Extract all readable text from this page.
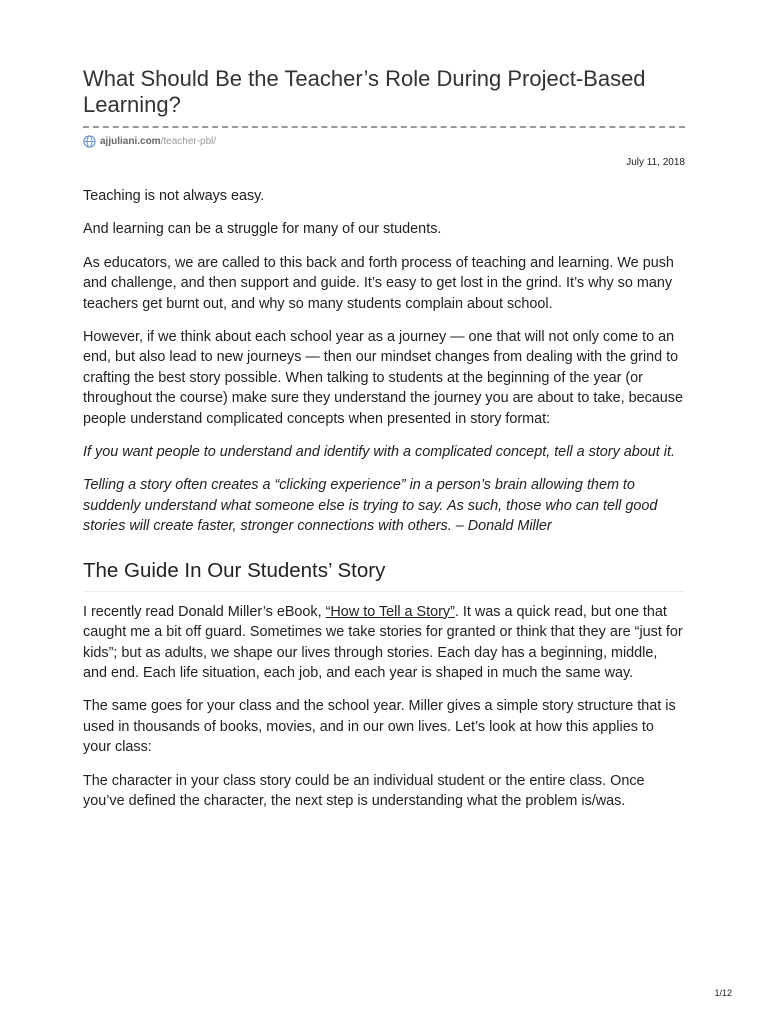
What Should Be the Teacher’s Role During Project-Based Learning?
ajjuliani.com /teacher-pbl/
July 11, 2018

Teaching is not always easy.

And learning can be a struggle for many of our students.

As educators, we are called to this back and forth process of teaching and learning. We push and challenge, and then support and guide. It’s easy to get lost in the grind. It’s why so many teachers get burnt out, and why so many students complain about school.

However, if we think about each school year as a journey — one that will not only come to an end, but also lead to new journeys — then our mindset changes from dealing with the grind to crafting the best story possible. When talking to students at the beginning of the year (or throughout the course) make sure they understand the journey you are about to take, because people understand complicated concepts when presented in story format:

If you want people to understand and identify with a complicated concept, tell a story about it.

Telling a story often creates a “clicking experience” in a person’s brain allowing them to suddenly understand what someone else is trying to say. As such, those who can tell good stories will create faster, stronger connections with others. – Donald Miller

The Guide In Our Students’ Story

I recently read Donald Miller’s eBook, “How to Tell a Story”. It was a quick read, but one that caught me a bit off guard. Sometimes we take stories for granted or think that they are “just for kids”; but as adults, we shape our lives through stories. Each day has a beginning, middle, and end. Each life situation, each job, and each year is shaped in much the same way.

The same goes for your class and the school year. Miller gives a simple story structure that is used in thousands of books, movies, and in our own lives. Let’s look at how this applies to your class:

The character in your class story could be an individual student or the entire class. Once you’ve defined the character, the next step is understanding what the problem is/was.

1/12
